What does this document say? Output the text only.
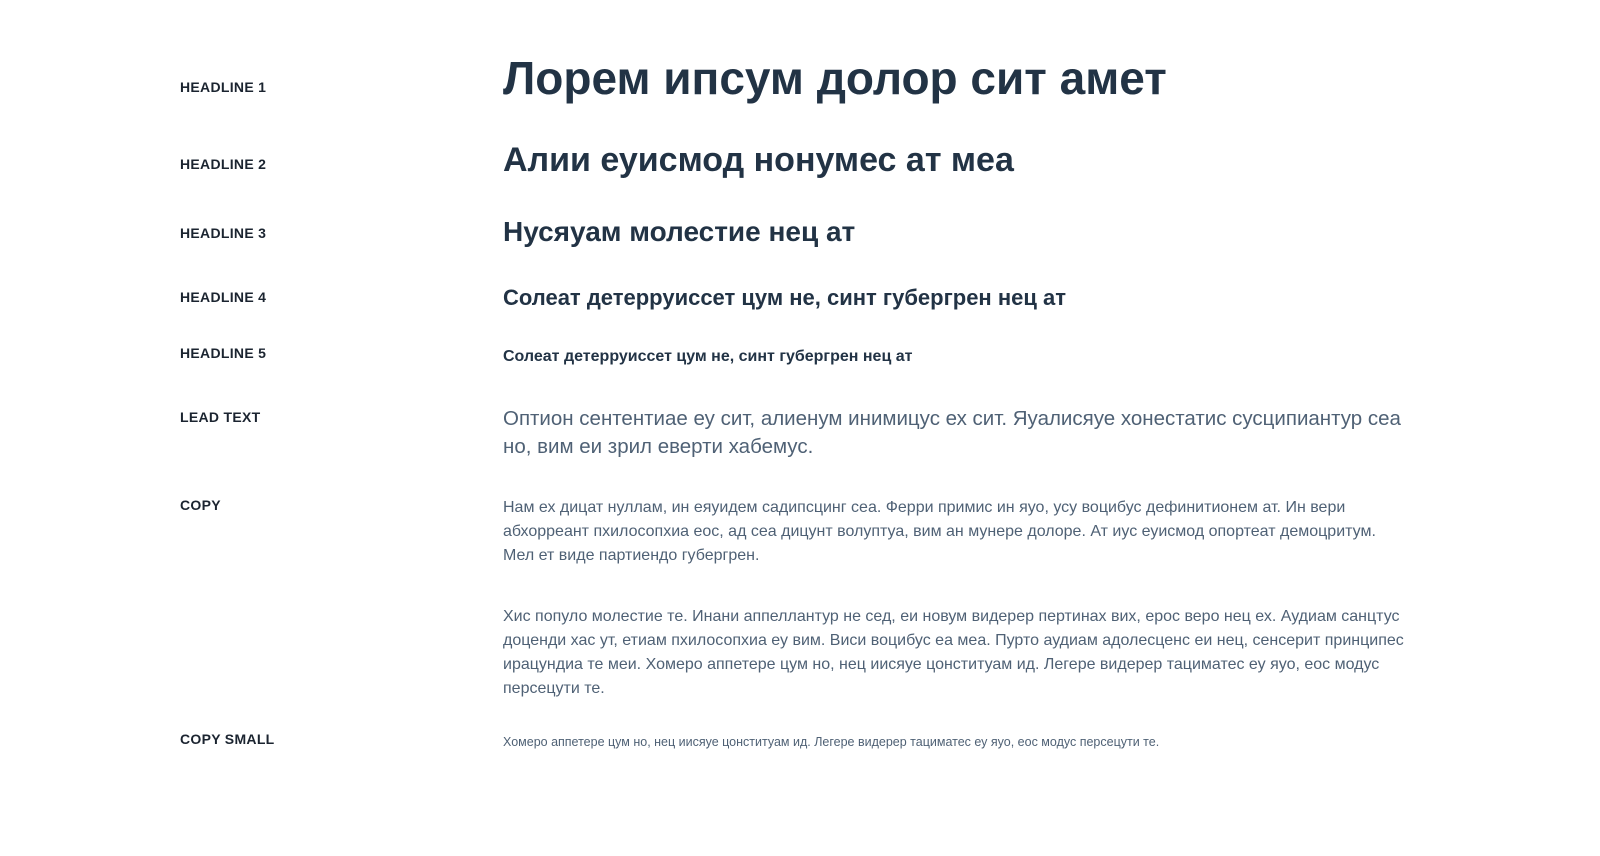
HEADLINE 1	Лорем ипсум долор сит амет
HEADLINE 2	Алии еуисмод нонумес ат меа
HEADLINE 3	Нусяуам молестие нец ат
HEADLINE 4	Солеат детерруиссет цум не, синт губергрен нец ат
HEADLINE 5	Солеат детерруиссет цум не, синт губергрен нец ат
LEAD TEXT	Оптион сентентиае еу сит, алиенум инимицус ех сит. Яуалисяуе хонестатис сусципиантур сеа но, вим еи зрил еверти хабемус.
COPY	Нам ех дицат нуллам, ин еяуидем садипсцинг сеа. Ферри примис ин яуо, усу воцибус дефинитионем ат. Ин вери абхорреант пхилосопхиа еос, ад сеа дицунт волуптуа, вим ан мунере долоре. Ат иус еуисмод опортеат демоцритум. Мел ет виде партиендо губергрен.
Хис популо молестие те. Инани аппеллантур не сед, еи новум видерер пертинах вих, ерос веро нец ех. Аудиам санцтус доценди хас ут, етиам пхилосопхиа еу вим. Виси воцибус еа меа. Пурто аудиам адолесценс еи нец, сенсерит принципес ирацундиа те меи. Хомеро аппетере цум но, нец иисяуе цонституам ид. Легере видерер тациматес еу яуо, еос модус персецути те.
COPY SMALL	Хомеро аппетере цум но, нец иисяуе цонституам ид. Легере видерер тациматес еу яуо, еос модус персецути те.
